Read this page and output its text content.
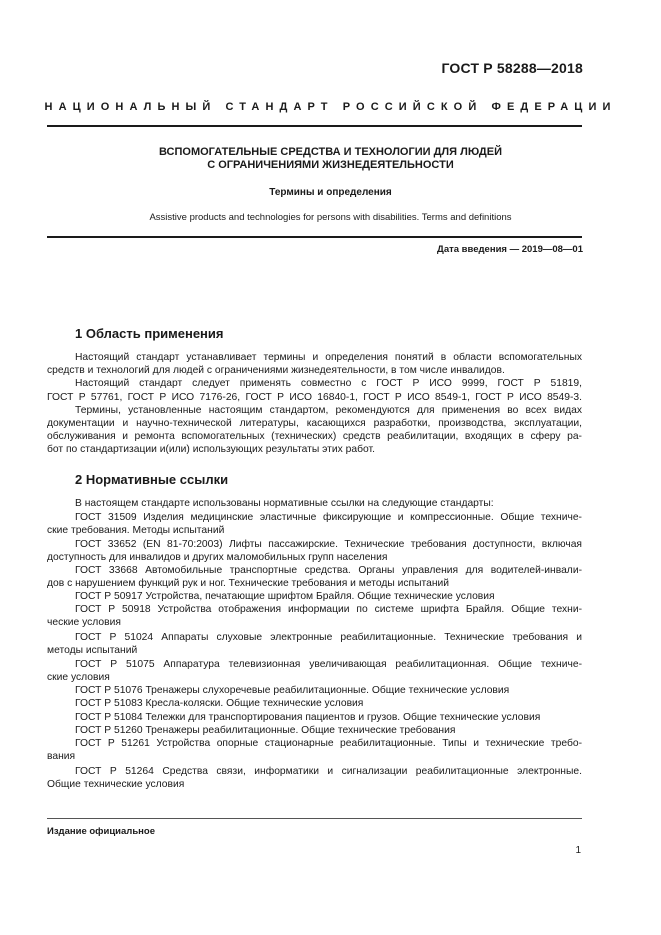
ГОСТ Р 58288—2018
НАЦИОНАЛЬНЫЙ СТАНДАРТ РОССИЙСКОЙ ФЕДЕРАЦИИ
ВСПОМОГАТЕЛЬНЫЕ СРЕДСТВА И ТЕХНОЛОГИИ ДЛЯ ЛЮДЕЙ
С ОГРАНИЧЕНИЯМИ ЖИЗНЕДЕЯТЕЛЬНОСТИ
Термины и определения
Assistive products and technologies for persons with disabilities. Terms and definitions
Дата введения — 2019—08—01
1 Область применения
Настоящий стандарт устанавливает термины и определения понятий в области вспомогательных
средств и технологий для людей с ограничениями жизнедеятельности, в том числе инвалидов.
Настоящий стандарт следует применять совместно с ГОСТ Р ИСО 9999, ГОСТ Р 51819,
ГОСТ Р 57761, ГОСТ Р ИСО 7176-26, ГОСТ Р ИСО 16840-1, ГОСТ Р ИСО 8549-1, ГОСТ Р ИСО 8549-3.
Термины, установленные настоящим стандартом, рекомендуются для применения во всех видах
документации и научно-технической литературы, касающихся разработки, производства, эксплуатации,
обслуживания и ремонта вспомогательных (технических) средств реабилитации, входящих в сферу ра-
бот по стандартизации и(или) использующих результаты этих работ.
2 Нормативные ссылки
В настоящем стандарте использованы нормативные ссылки на следующие стандарты:
ГОСТ 31509 Изделия медицинские эластичные фиксирующие и компрессионные. Общие техниче-
ские требования. Методы испытаний
ГОСТ 33652 (EN 81-70:2003) Лифты пассажирские. Технические требования доступности, включая
доступность для инвалидов и других маломобильных групп населения
ГОСТ 33668 Автомобильные транспортные средства. Органы управления для водителей-инвали-
дов с нарушением функций рук и ног. Технические требования и методы испытаний
ГОСТ Р 50917 Устройства, печатающие шрифтом Брайля. Общие технические условия
ГОСТ Р 50918 Устройства отображения информации по системе шрифта Брайля. Общие техни-
ческие условия
ГОСТ Р 51024 Аппараты слуховые электронные реабилитационные. Технические требования и
методы испытаний
ГОСТ Р 51075 Аппаратура телевизионная увеличивающая реабилитационная. Общие техниче-
ские условия
ГОСТ Р 51076 Тренажеры слухоречевые реабилитационные. Общие технические условия
ГОСТ Р 51083 Кресла-коляски. Общие технические условия
ГОСТ Р 51084 Тележки для транспортирования пациентов и грузов. Общие технические условия
ГОСТ Р 51260 Тренажеры реабилитационные. Общие технические требования
ГОСТ Р 51261 Устройства опорные стационарные реабилитационные. Типы и технические требо-
вания
ГОСТ Р 51264 Средства связи, информатики и сигнализации реабилитационные электронные.
Общие технические условия
Издание официальное
1
